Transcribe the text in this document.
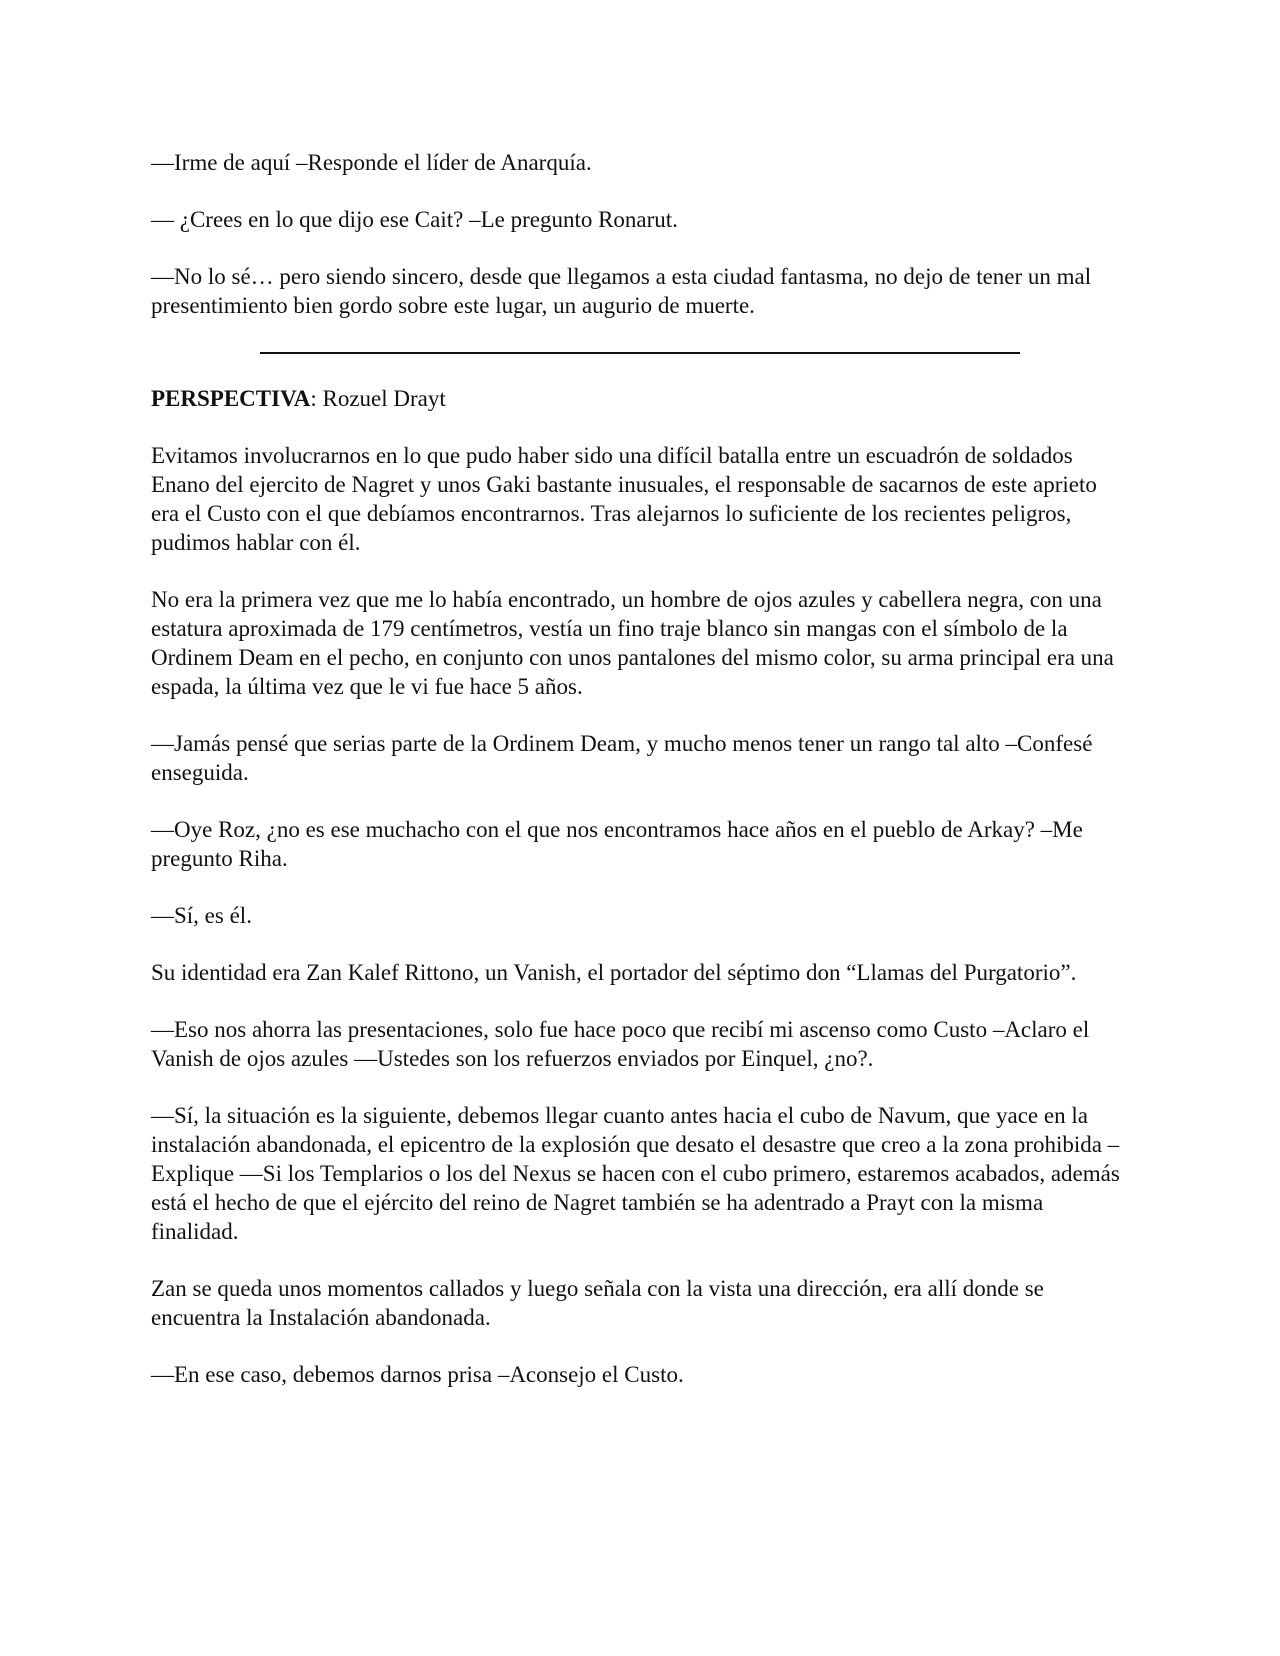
—Irme de aquí –Responde el líder de Anarquía.

— ¿Crees en lo que dijo ese Cait? –Le pregunto Ronarut.

—No lo sé… pero siendo sincero, desde que llegamos a esta ciudad fantasma, no dejo de tener un mal presentimiento bien gordo sobre este lugar, un augurio de muerte.

PERSPECTIVA: Rozuel Drayt

Evitamos involucrarnos en lo que pudo haber sido una difícil batalla entre un escuadrón de soldados Enano del ejercito de Nagret y unos Gaki bastante inusuales, el responsable de sacarnos de este aprieto era el Custo con el que debíamos encontrarnos. Tras alejarnos lo suficiente de los recientes peligros, pudimos hablar con él.

No era la primera vez que me lo había encontrado, un hombre de ojos azules y cabellera negra, con una estatura aproximada de 179 centímetros, vestía un fino traje blanco sin mangas con el símbolo de la Ordinem Deam en el pecho, en conjunto con unos pantalones del mismo color, su arma principal era una espada, la última vez que le vi fue hace 5 años.

—Jamás pensé que serias parte de la Ordinem Deam, y mucho menos tener un rango tal alto –Confesé enseguida.

—Oye Roz, ¿no es ese muchacho con el que nos encontramos hace años en el pueblo de Arkay? –Me pregunto Riha.

—Sí, es él.

Su identidad era Zan Kalef Rittono, un Vanish, el portador del séptimo don “Llamas del Purgatorio”.

—Eso nos ahorra las presentaciones, solo fue hace poco que recibí mi ascenso como Custo –Aclaro el Vanish de ojos azules —Ustedes son los refuerzos enviados por Einquel, ¿no?.

—Sí, la situación es la siguiente, debemos llegar cuanto antes hacia el cubo de Navum, que yace en la instalación abandonada, el epicentro de la explosión que desato el desastre que creo a la zona prohibida –Explique —Si los Templarios o los del Nexus se hacen con el cubo primero, estaremos acabados, además está el hecho de que el ejército del reino de Nagret también se ha adentrado a Prayt con la misma finalidad.

Zan se queda unos momentos callados y luego señala con la vista una dirección, era allí donde se encuentra la Instalación abandonada.

—En ese caso, debemos darnos prisa –Aconsejo el Custo.
